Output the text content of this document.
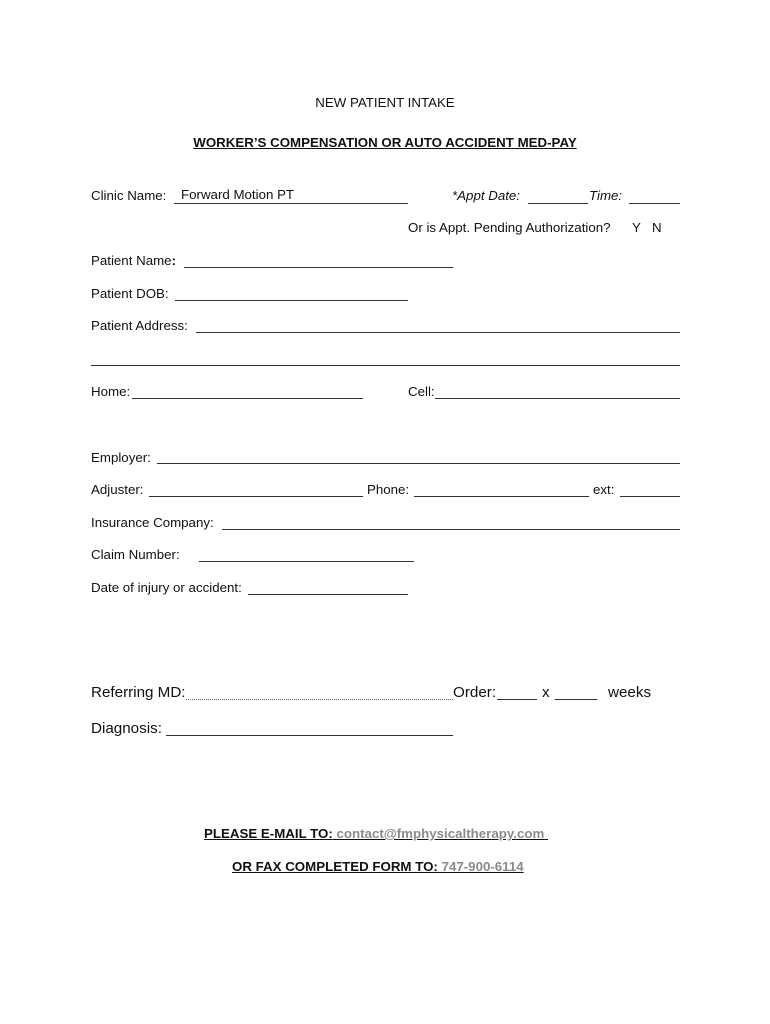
NEW PATIENT INTAKE
WORKER’S COMPENSATION OR AUTO ACCIDENT MED-PAY
Clinic Name: Forward Motion PT	*Appt Date:	Time:
Or is Appt. Pending Authorization? Y N
Patient Name:
Patient DOB:
Patient Address:
Home:	Cell:
Employer:
Adjuster:	Phone:	ext:
Insurance Company:
Claim Number:
Date of injury or accident:
Referring MD:	Order:	x	weeks
Diagnosis:
PLEASE E-MAIL TO: contact@fmphysicaltherapy.com
OR FAX COMPLETED FORM TO: 747-900-6114
